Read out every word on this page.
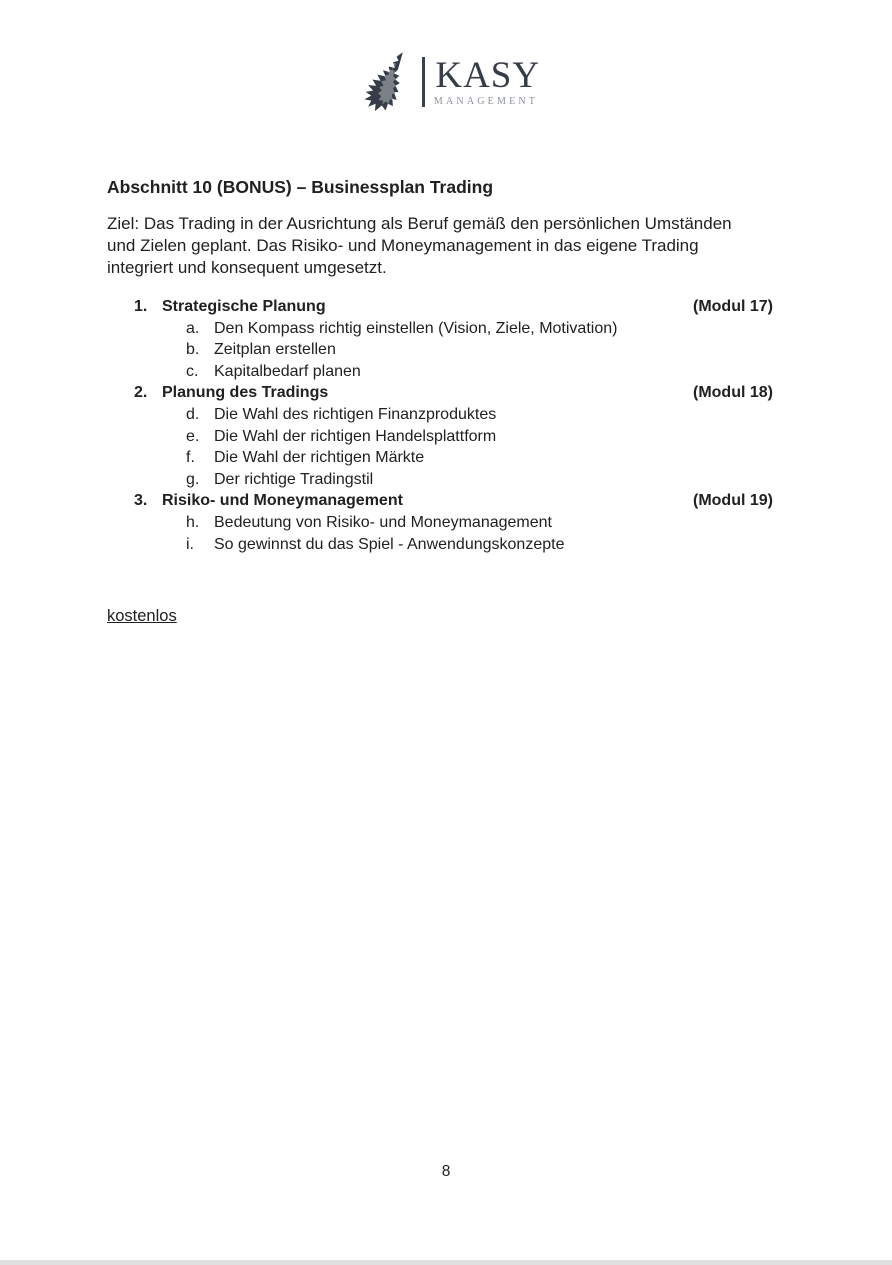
KASY
MANAGEMENT
Abschnitt 10 (BONUS) – Businessplan Trading
Ziel: Das Trading in der Ausrichtung als Beruf gemäß den persönlichen Umständen
und Zielen geplant. Das Risiko- und Moneymanagement in das eigene Trading
integriert und konsequent umgesetzt.
1. Strategische Planung	(Modul 17)
a. Den Kompass richtig einstellen (Vision, Ziele, Motivation)
b. Zeitplan erstellen
c. Kapitalbedarf planen
2. Planung des Tradings	(Modul 18)
d. Die Wahl des richtigen Finanzproduktes
e. Die Wahl der richtigen Handelsplattform
f.	Die Wahl der richtigen Märkte
g. Der richtige Tradingstil
3. Risiko- und Moneymanagement	(Modul 19)
h. Bedeutung von Risiko- und Moneymanagement
i.	So gewinnst du das Spiel - Anwendungskonzepte
kostenlos
8
